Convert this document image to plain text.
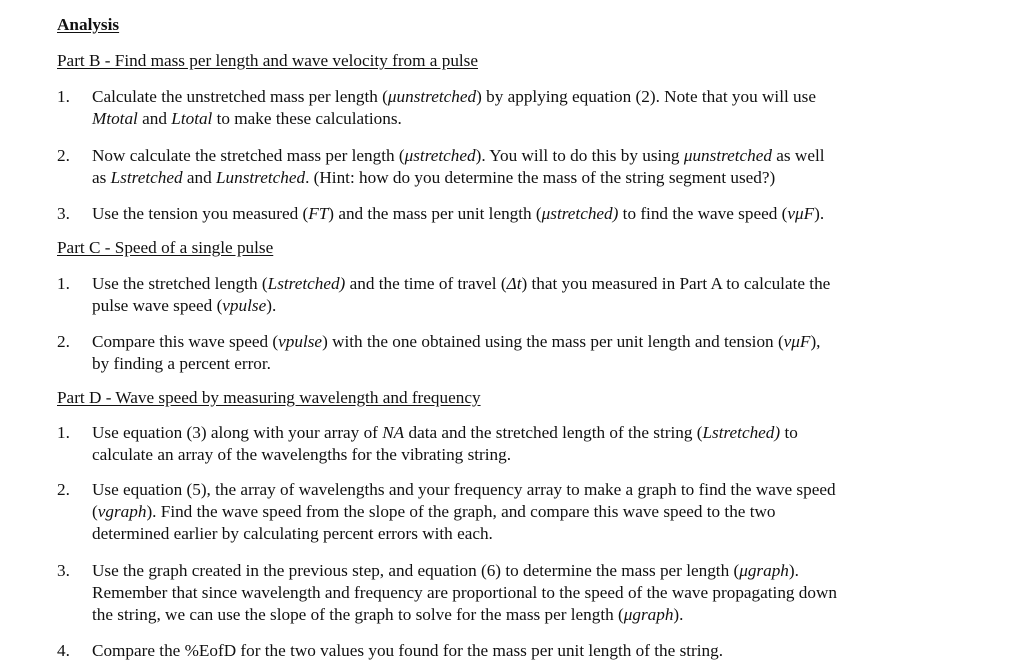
Analysis
Part B - Find mass per length and wave velocity from a pulse
1.	Calculate the unstretched mass per length (μunstretched) by applying equation (2). Note that you will use
Mtotal and Ltotal to make these calculations.
2.	Now calculate the stretched mass per length (μstretched). You will to do this by using μunstretched as well
as Lstretched and Lunstretched. (Hint: how do you determine the mass of the string segment used?)
3.	Use the tension you measured (FT) and the mass per unit length (μstretched) to find the wave speed (vμF).
Part C - Speed of a single pulse
1.	Use the stretched length (Lstretched) and the time of travel (Δt) that you measured in Part A to calculate the
pulse wave speed (vpulse).
2.	Compare this wave speed (vpulse) with the one obtained using the mass per unit length and tension (vμF),
by finding a percent error.
Part D - Wave speed by measuring wavelength and frequency
1.	Use equation (3) along with your array of NA data and the stretched length of the string (Lstretched) to
calculate an array of the wavelengths for the vibrating string.
2.	Use equation (5), the array of wavelengths and your frequency array to make a graph to find the wave speed
(vgraph). Find the wave speed from the slope of the graph, and compare this wave speed to the two
determined earlier by calculating percent errors with each.
3.	Use the graph created in the previous step, and equation (6) to determine the mass per length (μgraph).
Remember that since wavelength and frequency are proportional to the speed of the wave propagating down
the string, we can use the slope of the graph to solve for the mass per length (μgraph).
4.	Compare the %EofD for the two values you found for the mass per unit length of the string.
